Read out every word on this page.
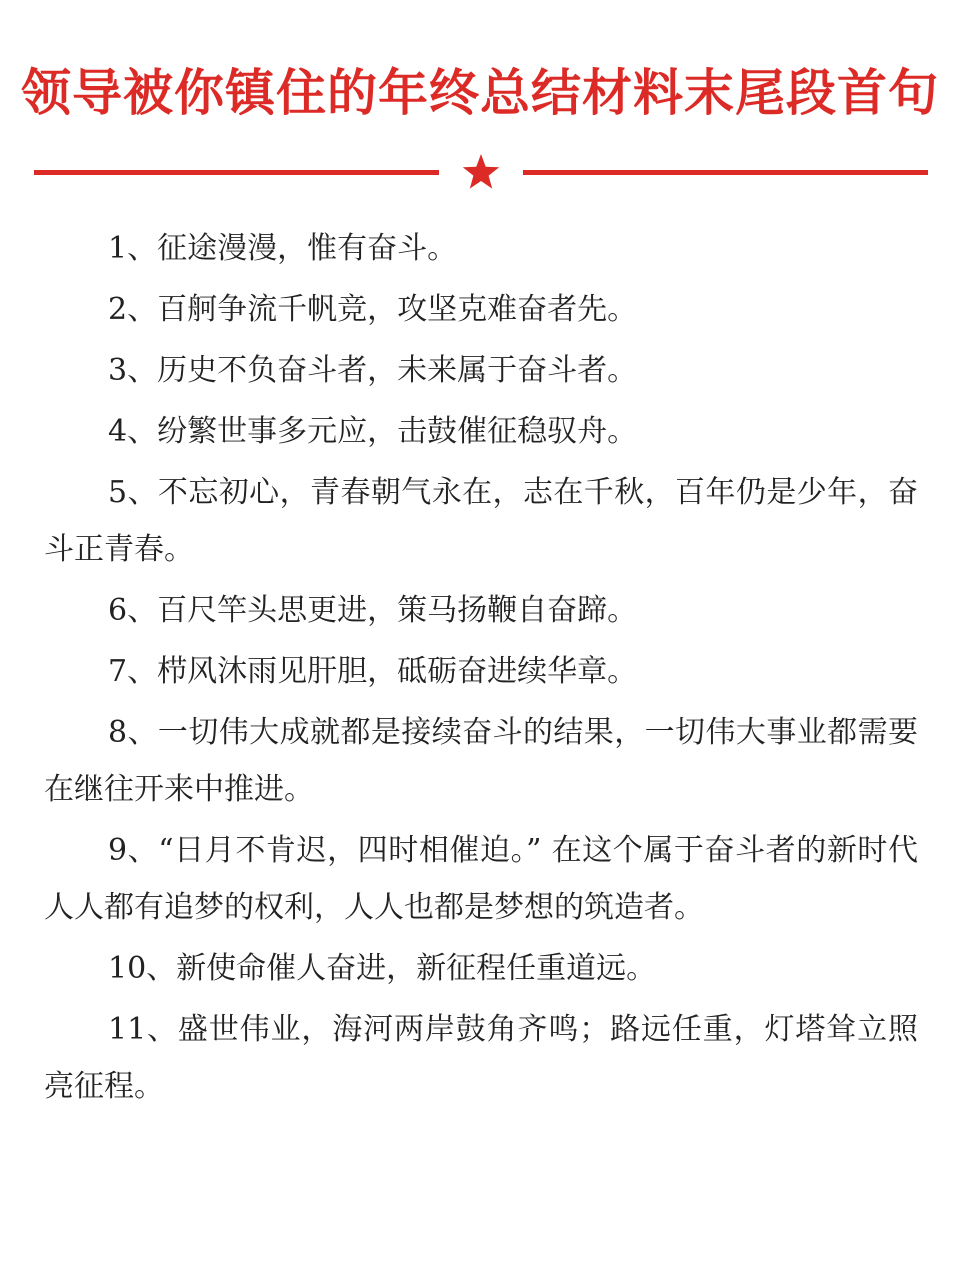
领导被你镇住的年终总结材料末尾段首句

1、征途漫漫，惟有奋斗。

2、百舸争流千帆竞，攻坚克难奋者先。

3、历史不负奋斗者，未来属于奋斗者。

4、纷繁世事多元应，击鼓催征稳驭舟。

5、不忘初心，青春朝气永在，志在千秋，百年仍是少年，奋斗正青春。

6、百尺竿头思更进，策马扬鞭自奋蹄。

7、栉风沐雨见肝胆，砥砺奋进续华章。

8、一切伟大成就都是接续奋斗的结果，一切伟大事业都需要在继往开来中推进。

9、“日月不肯迟，四时相催迫。” 在这个属于奋斗者的新时代人人都有追梦的权利，人人也都是梦想的筑造者。

10、新使命催人奋进，新征程任重道远。

11、盛世伟业，海河两岸鼓角齐鸣；路远任重，灯塔耸立照亮征程。
